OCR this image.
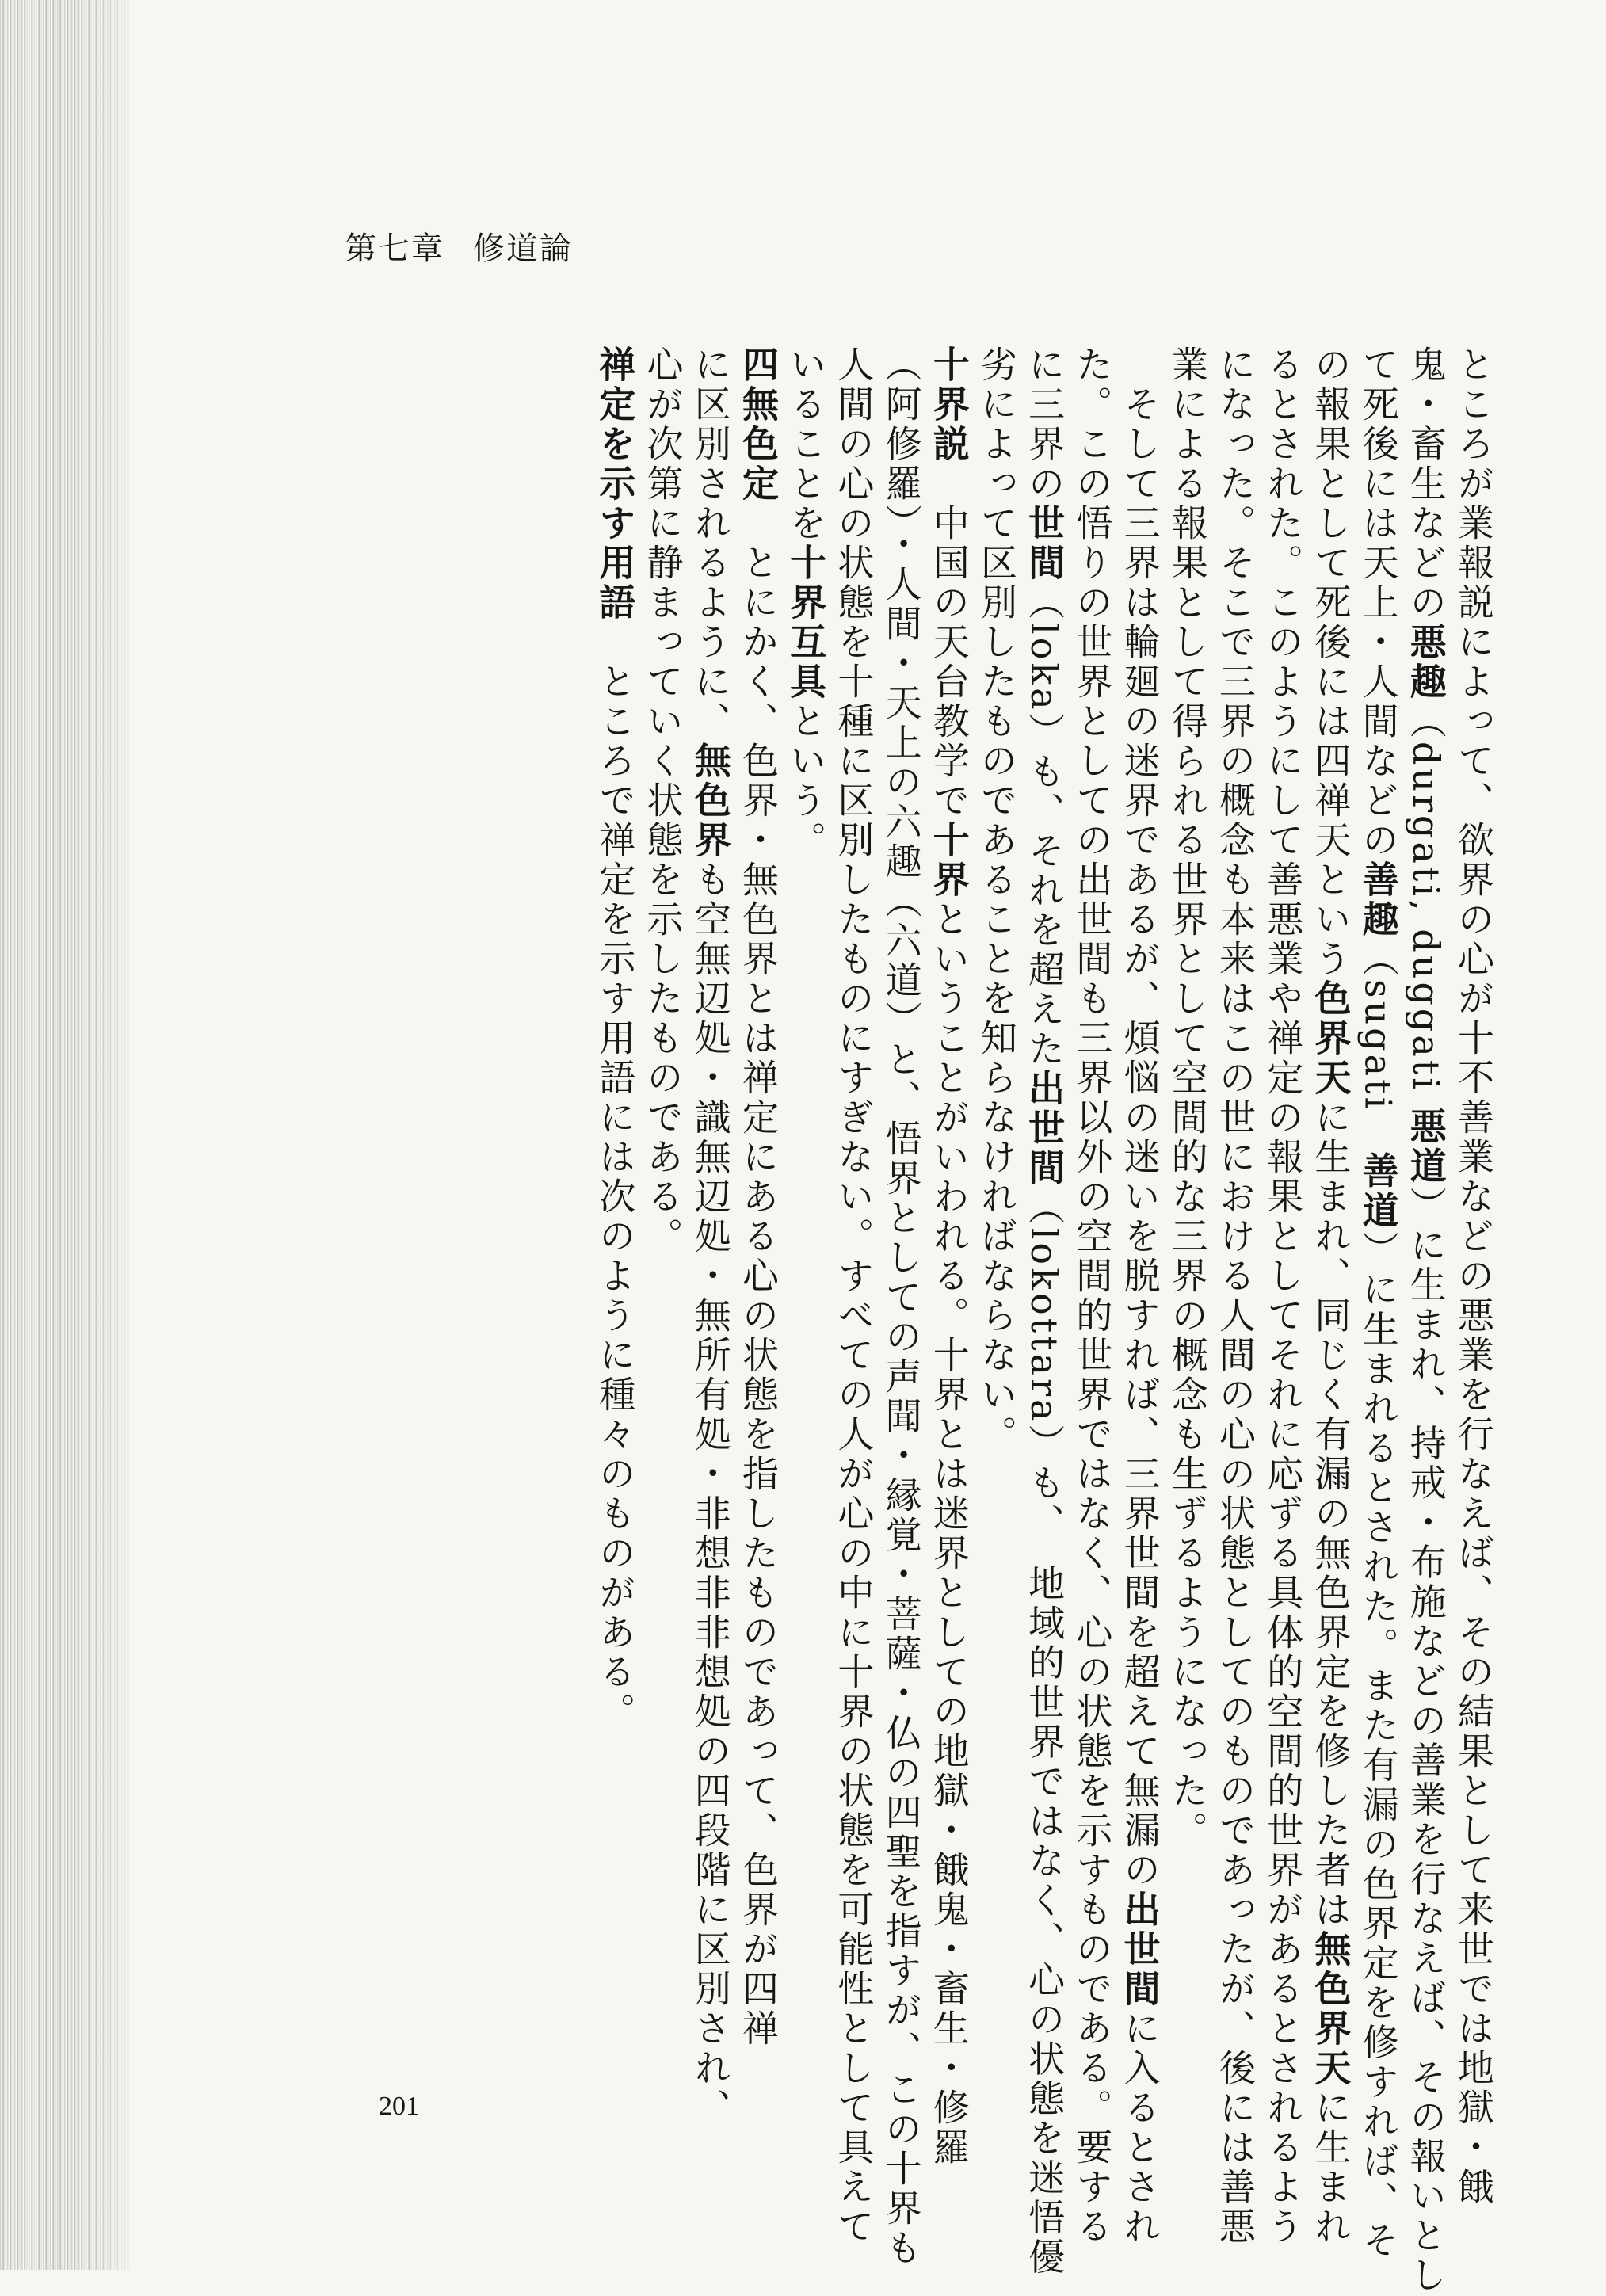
第七章 修道論
ところが業報説によって、欲界の心が十不善業などの悪業を行なえば、その結果として来世では地獄・餓
鬼・畜生などの悪趣（durgati, duggati 悪道）に生まれ、持戒・布施などの善業を行なえば、その報いとし
て死後には天上・人間などの善趣（sugati　善道）に生まれるとされた。また有漏の色界定を修すれば、そ
の報果として死後には四禅天という色界天に生まれ、同じく有漏の無色界定を修した者は無色界天に生まれ
るとされた。このようにして善悪業や禅定の報果としてそれに応ずる具体的空間的世界があるとされるよう
になった。そこで三界の概念も本来はこの世における人間の心の状態としてのものであったが、後には善悪
業による報果として得られる世界として空間的な三界の概念も生ずるようになった。
　そして三界は輪廻の迷界であるが、煩悩の迷いを脱すれば、三界世間を超えて無漏の出世間に入るとされ
た。この悟りの世界としての出世間も三界以外の空間的世界ではなく、心の状態を示すものである。要する
に三界の世間（loka）も、それを超えた出世間（lokottara）も、　地域的世界ではなく、心の状態を迷悟優
劣によって区別したものであることを知らなければならない。
十界説　中国の天台教学で十界ということがいわれる。十界とは迷界としての地獄・餓鬼・畜生・修羅
（阿修羅）・人間・天上の六趣（六道）と、悟界としての声聞・縁覚・菩薩・仏の四聖を指すが、この十界も
人間の心の状態を十種に区別したものにすぎない。すべての人が心の中に十界の状態を可能性として具えて
いることを十界互具という。
四無色定　とにかく、色界・無色界とは禅定にある心の状態を指したものであって、色界が四禅
に区別されるように、無色界も空無辺処・識無辺処・無所有処・非想非非想処の四段階に区別され、
心が次第に静まっていく状態を示したものである。
禅定を示す用語　ところで禅定を示す用語には次のように種々のものがある。
201
